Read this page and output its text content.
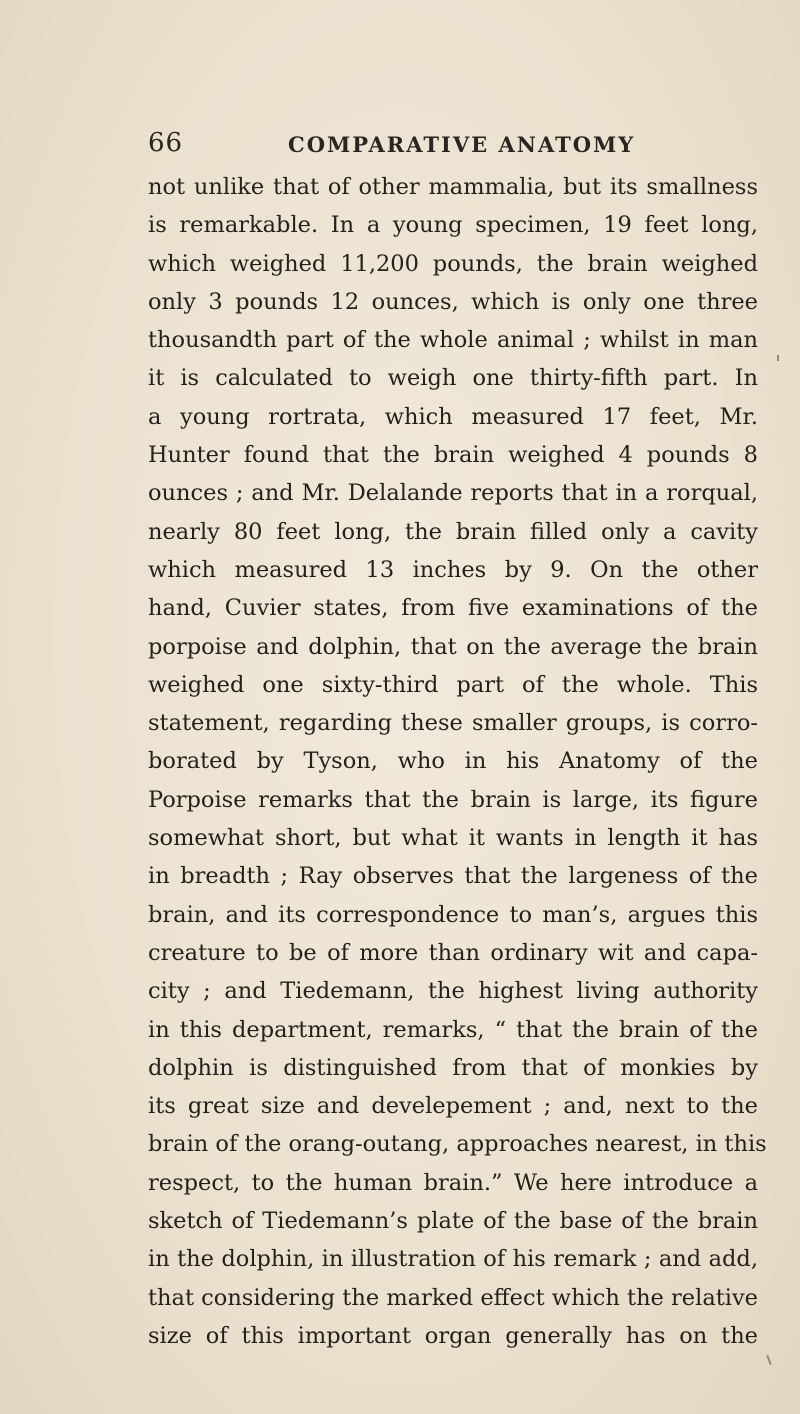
66	COMPARATIVE ANATOMY
not unlike that of other mammalia, but its smallness
is remarkable. In a young specimen, 19 feet long,
which weighed 11,200 pounds, the brain weighed
only 3 pounds 12 ounces, which is only one three
thousandth part of the whole animal ; whilst in man
it is calculated to weigh one thirty-fifth part. In
a young rortrata, which measured 17 feet, Mr.
Hunter found that the brain weighed 4 pounds 8
ounces ; and Mr. Delalande reports that in a rorqual,
nearly 80 feet long, the brain filled only a cavity
which measured 13 inches by 9. On the other
hand, Cuvier states, from five examinations of the
porpoise and dolphin, that on the average the brain
weighed one sixty-third part of the whole. This
statement, regarding these smaller groups, is corro-
borated by Tyson, who in his Anatomy of the
Porpoise remarks that the brain is large, its figure
somewhat short, but what it wants in length it has
in breadth ; Ray observes that the largeness of the
brain, and its correspondence to man’s, argues this
creature to be of more than ordinary wit and capa-
city ; and Tiedemann, the highest living authority
in this department, remarks, “ that the brain of the
dolphin is distinguished from that of monkies by
its great size and develepement ; and, next to the
brain of the orang-outang, approaches nearest, in this
respect, to the human brain.” We here introduce a
sketch of Tiedemann’s plate of the base of the brain
in the dolphin, in illustration of his remark ; and add,
that considering the marked effect which the relative
size of this important organ generally has on the
